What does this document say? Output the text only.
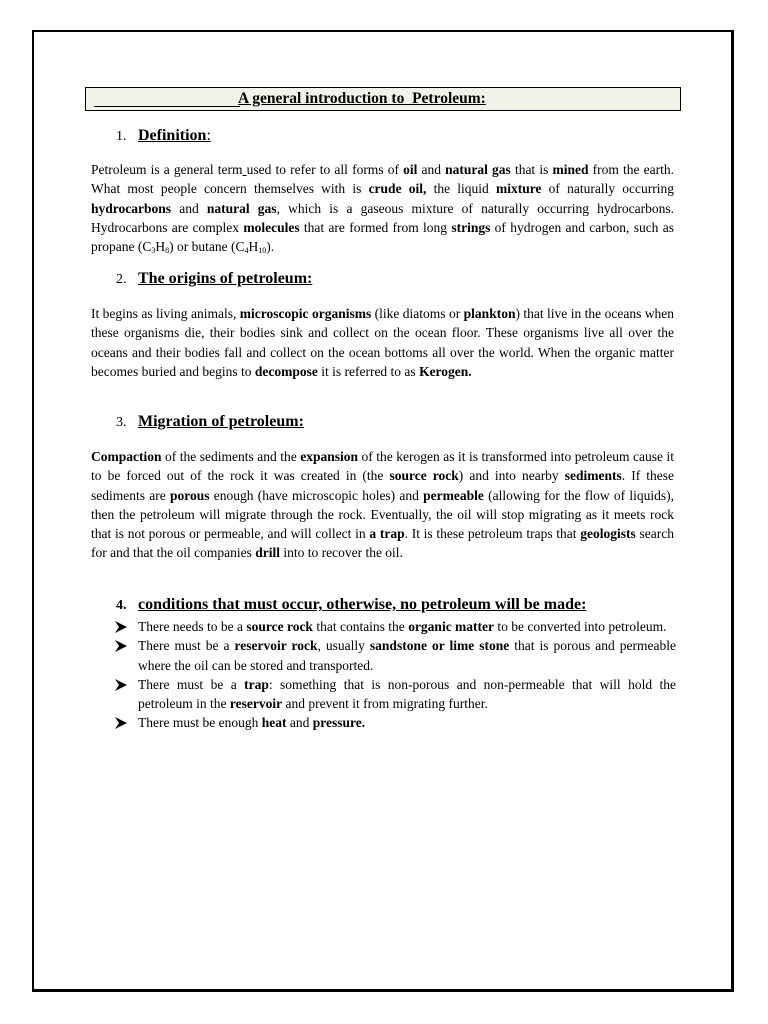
A general introduction to  Petroleum:
1. Definition:
Petroleum is a general term used to refer to all forms of oil and natural gas that is mined from the earth. What most people concern themselves with is crude oil, the liquid mixture of naturally occurring hydrocarbons and natural gas, which is a gaseous mixture of naturally occurring hydrocarbons. Hydrocarbons are complex molecules that are formed from long strings of hydrogen and carbon, such as propane $(C_3H_8)$ or butane $(C_4H_{10})$.
2. The origins of petroleum:
It begins as living animals, microscopic organisms (like diatoms or plankton) that live in the oceans when these organisms die, their bodies sink and collect on the ocean floor. These organisms live all over the oceans and their bodies fall and collect on the ocean bottoms all over the world. When the organic matter becomes buried and begins to decompose it is referred to as Kerogen.
3. Migration of petroleum:
Compaction of the sediments and the expansion of the kerogen as it is transformed into petroleum cause it to be forced out of the rock it was created in (the source rock) and into nearby sediments. If these sediments are porous enough (have microscopic holes) and permeable (allowing for the flow of liquids), then the petroleum will migrate through the rock. Eventually, the oil will stop migrating as it meets rock that is not porous or permeable, and will collect in a trap. It is these petroleum traps that geologists search for and that the oil companies drill into to recover the oil.
4. conditions that must occur, otherwise, no petroleum will be made:
There needs to be a source rock that contains the organic matter to be converted into petroleum.
There must be a reservoir rock, usually sandstone or lime stone that is porous and permeable where the oil can be stored and transported.
There must be a trap: something that is non-porous and non-permeable that will hold the petroleum in the reservoir and prevent it from migrating further.
There must be enough heat and pressure.
